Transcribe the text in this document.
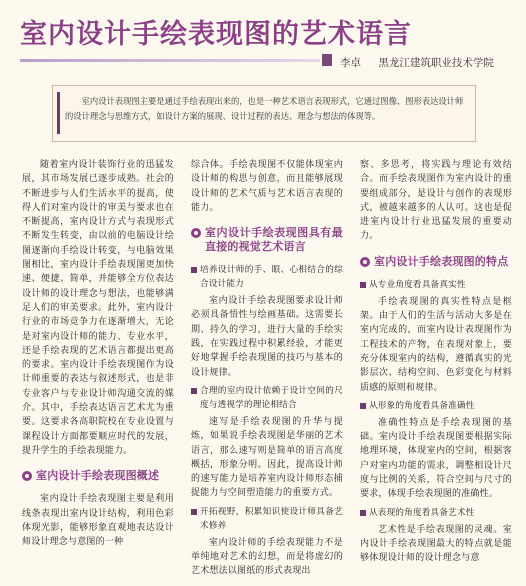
室内设计手绘表现图的艺术语言
李卓 黑龙江建筑职业技术学院
室内设计表现图主要是通过手绘表现出来的，也是一种艺术语言表现形式，它通过图像、图形表达设计师的设计理念与思维方式，如设计方案的展现、设计过程的表达、理念与想法的体现等。

随着室内设计装饰行业的迅猛发展，其市场发展已逐步成熟。社会的不断进步与人们生活水平的提高，使得人们对室内设计的审美与要求也在不断提高，室内设计方式与表现形式不断发生转变，由以前的电脑设计绘图逐渐向手绘设计转变，与电脑效果图相比，室内设计手绘表现图更加快速、便捷、简单，并能够全方位表达设计师的设计理念与想法，也能够满足人们的审美要求。此外，室内设计行业的市场竞争力在逐渐增大，无论是对室内设计师的能力、专业水平，还是手绘表现的艺术语言都提出更高的要求。室内设计手绘表现图作为设计师重要的表达与叙述形式，也是非专业客户与专业设计师沟通交流的媒介。其中，手绘表达语言艺术尤为重要。这要求各高职院校在专业设置与课程设计方面都要顺应时代的发展，提升学生的手绘表现能力。

室内设计手绘表现图概述

室内设计手绘表现图主要是利用线条表现出室内设计结构，利用色彩体现光影，能够形象直观地表达设计师设计理念与意图的一种

综合体。手绘表现图不仅能体现室内设计师的构思与创意，而且能够展现设计师的艺术气质与艺术语言表现的能力。

室内设计手绘表现图具有最直接的视觉艺术语言
培养设计师的手、眼、心相结合的综合设计能力

室内设计手绘表现图要求设计师必须具备悟性与绘画基础。这需要长期、持久的学习，进行大量的手绘实践，在实践过程中积累经验，才能更好地掌握手绘表现图的技巧与基本的设计规律。

合理的室内设计依赖于设计空间的尺度与透视学的理论相结合

速写是手绘表现图的升华与提炼，如果说手绘表现图是华丽的艺术语言，那么速写则是简单的语言高度概括，形象分明。因此，提高设计师的速写能力是培养室内设计师形态捕捉能力与空间塑造能力的重要方式。

开拓视野，积累知识使设计师具备艺术修养

室内设计师的手绘表现能力不是单纯地对艺术的幻想，而是将虚幻的艺术想法以图纸的形式表现出

察、多思考，将实践与理论有效结合。而手绘表现图作为室内设计的重要组成部分，是设计与创作的表现形式，被越来越多的人认可。这也是促进室内设计行业迅猛发展的重要动力。

室内设计手绘表现图的特点
从专业角度看具备真实性

手绘表现图的真实性特点是框架。由于人们的生活与活动大多是在室内完成的，而室内设计表现图作为工程技术的产物，在表现对象上，要充分体现室内的结构，遵循真实的光影层次、结构空间、色彩变化与材料质感的原则和规律。

从形象的角度看具备准确性

准确性特点是手绘表现图的基础。室内设计手绘表现图要根据实际地理环境，体现室内的空间，根据客户对室内功能的需求，调整相设计尺度与比例的关系，符合空间与尺寸的要求，体现手绘表现图的准确性。

从表现的角度看具备艺术性

艺术性是手绘表现图的灵魂。室内设计手绘表现图最大的特点就是能够体现设计师的设计理念与意
